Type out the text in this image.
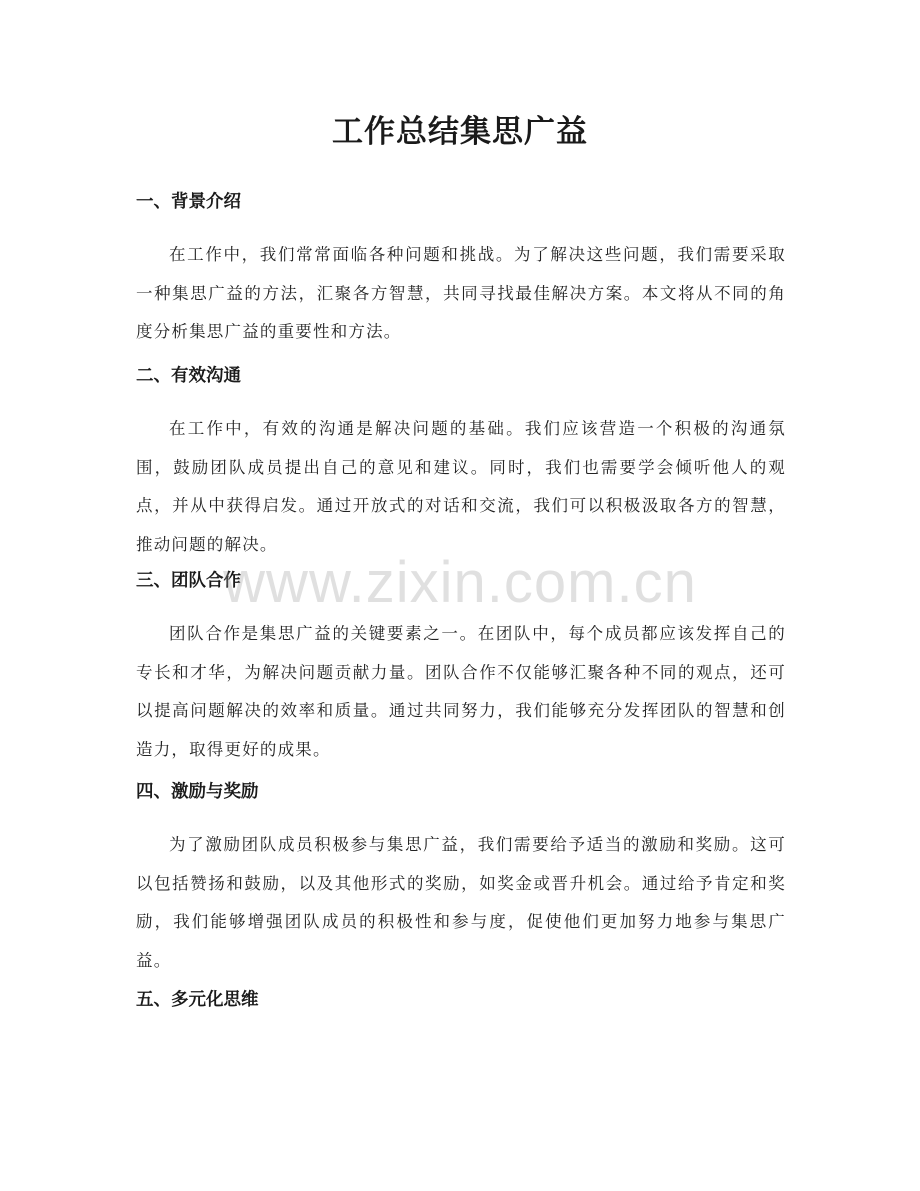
工作总结集思广益
一、背景介绍

在工作中，我们常常面临各种问题和挑战。为了解决这些问题，我们需要采取一种集思广益的方法，汇聚各方智慧，共同寻找最佳解决方案。本文将从不同的角度分析集思广益的重要性和方法。

二、有效沟通

在工作中，有效的沟通是解决问题的基础。我们应该营造一个积极的沟通氛围，鼓励团队成员提出自己的意见和建议。同时，我们也需要学会倾听他人的观点，并从中获得启发。通过开放式的对话和交流，我们可以积极汲取各方的智慧，推动问题的解决。

三、团队合作

团队合作是集思广益的关键要素之一。在团队中，每个成员都应该发挥自己的专长和才华，为解决问题贡献力量。团队合作不仅能够汇聚各种不同的观点，还可以提高问题解决的效率和质量。通过共同努力，我们能够充分发挥团队的智慧和创造力，取得更好的成果。

四、激励与奖励

为了激励团队成员积极参与集思广益，我们需要给予适当的激励和奖励。这可以包括赞扬和鼓励，以及其他形式的奖励，如奖金或晋升机会。通过给予肯定和奖励，我们能够增强团队成员的积极性和参与度，促使他们更加努力地参与集思广益。

五、多元化思维
www.zixin.com.cn
